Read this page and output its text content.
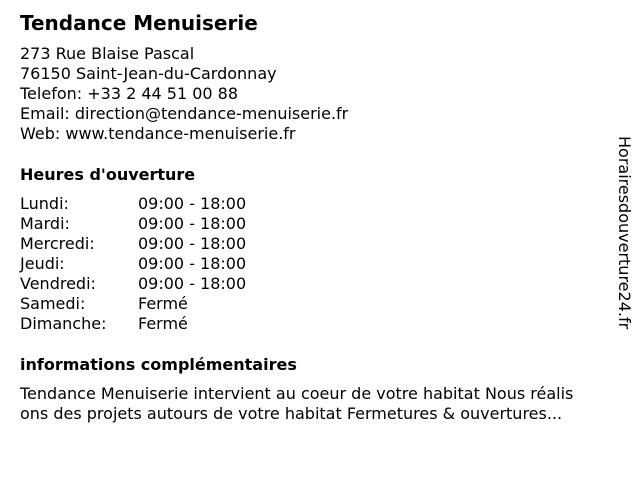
Tendance Menuiserie
273 Rue Blaise Pascal
76150 Saint-Jean-du-Cardonnay
Telefon: +33 2 44 51 00 88
Email: direction@tendance-menuiserie.fr
Web: www.tendance-menuiserie.fr
Heures d'ouverture
Lundi:	09:00 - 18:00
Mardi:	09:00 - 18:00
Mercredi:	09:00 - 18:00
Jeudi:	09:00 - 18:00
Vendredi:	09:00 - 18:00
Samedi:	Fermé
Dimanche:	Fermé
informations complémentaires
Tendance Menuiserie intervient au coeur de votre habitat Nous réalis
ons des projets autours de votre habitat Fermetures & ouvertures...
Horairesdouverture24.fr
